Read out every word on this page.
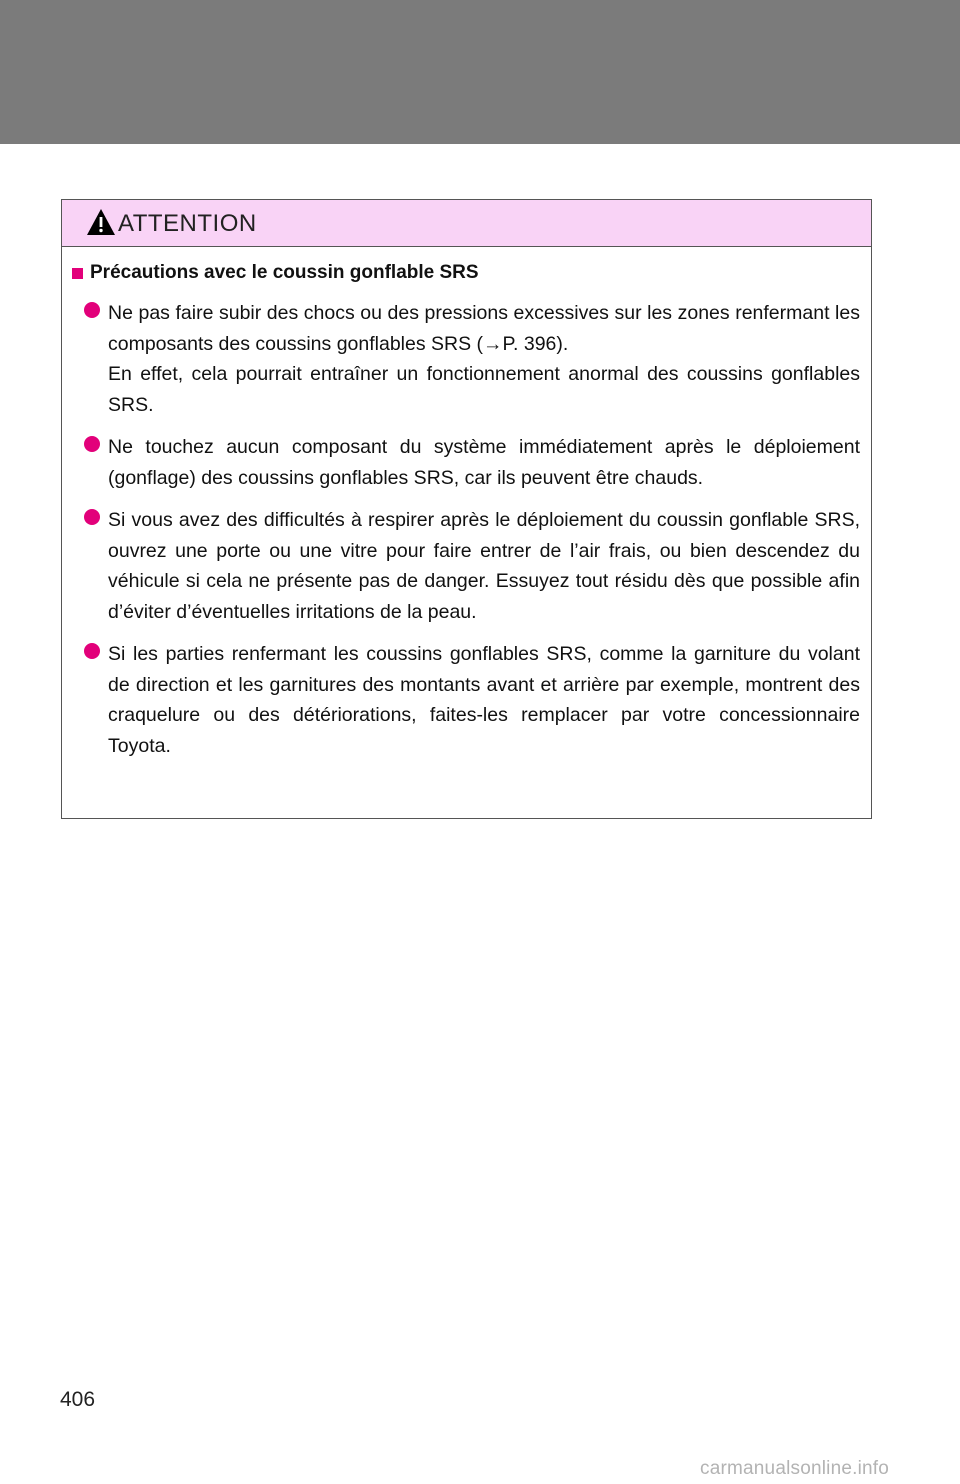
ATTENTION
Précautions avec le coussin gonflable SRS

Ne pas faire subir des chocs ou des pressions excessives sur les zones renfermant les composants des coussins gonflables SRS (→P. 396).

En effet, cela pourrait entraîner un fonctionnement anormal des coussins gonflables SRS.

Ne touchez aucun composant du système immédiatement après le déploiement (gonflage) des coussins gonflables SRS, car ils peuvent être chauds.

Si vous avez des difficultés à respirer après le déploiement du coussin gonflable SRS, ouvrez une porte ou une vitre pour faire entrer de l’air frais, ou bien descendez du véhicule si cela ne présente pas de danger. Essuyez tout résidu dès que possible afin d’éviter d’éventuelles irritations de la peau.

Si les parties renfermant les coussins gonflables SRS, comme la garniture du volant de direction et les garnitures des montants avant et arrière par exemple, montrent des craquelure ou des détériorations, faites-les remplacer par votre concessionnaire Toyota.

406
carmanualsonline.info
